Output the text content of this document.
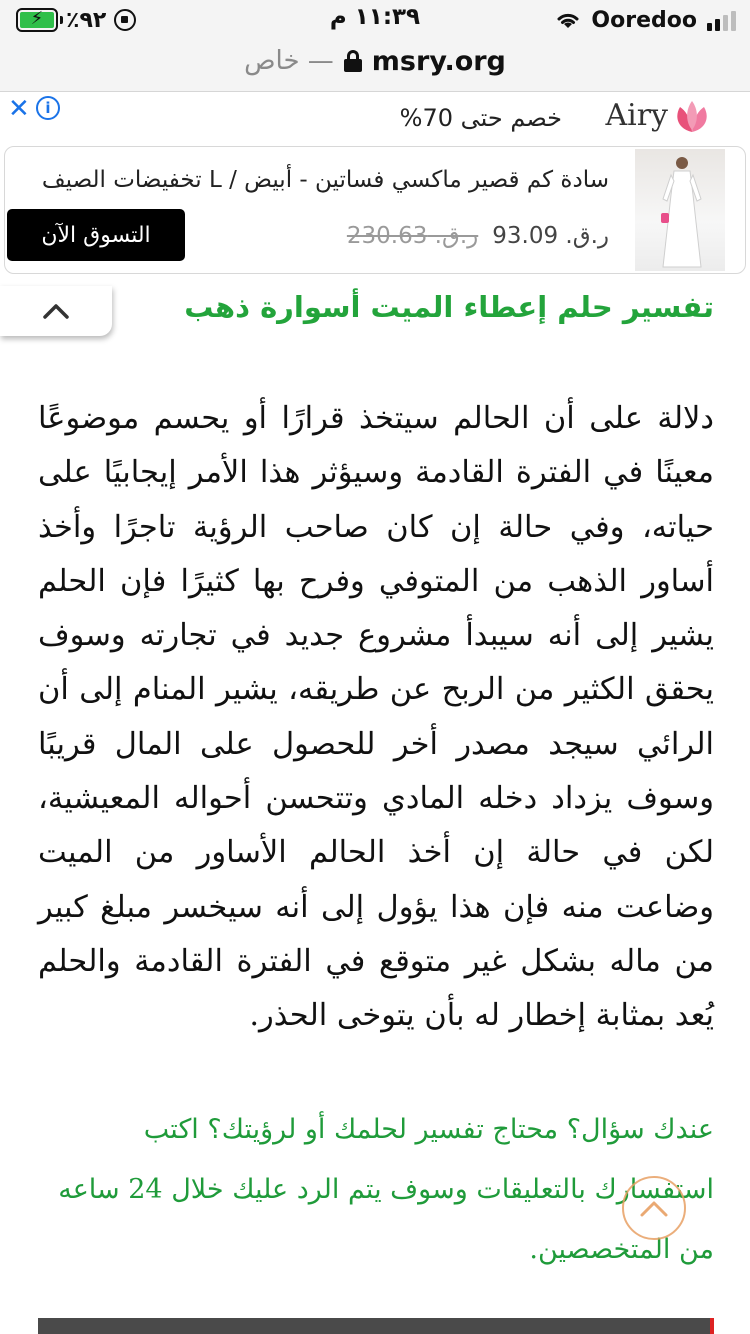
⚡	٪٩٢	١١:٣٩ م	Ooredoo
خاص — msry.org
✕	i	خصم حتى 70% Airy
سادة كم قصير ماكسي فساتين - أبيض / L تخفيضات الصيف
ر.ق. 93.09
ر.ق. 230.63
التسوق الآن
تفسير حلم إعطاء الميت أسوارة ذهب

دلالة على أن الحالم سيتخذ قرارًا أو يحسم موضوعًا معينًا في الفترة القادمة وسيؤثر هذا الأمر إيجابيًا على حياته، وفي حالة إن كان صاحب الرؤية تاجرًا وأخذ أساور الذهب من المتوفي وفرح بها كثيرًا فإن الحلم يشير إلى أنه سيبدأ مشروع جديد في تجارته وسوف يحقق الكثير من الربح عن طريقه، يشير المنام إلى أن الرائي سيجد مصدر أخر للحصول على المال قريبًا وسوف يزداد دخله المادي وتتحسن أحواله المعيشية، لكن في حالة إن أخذ الحالم الأساور من الميت وضاعت منه فإن هذا يؤول إلى أنه سيخسر مبلغ كبير من ماله بشكل غير متوقع في الفترة القادمة والحلم يُعد بمثابة إخطار له بأن يتوخى الحذر.

عندك سؤال؟ محتاج تفسير لحلمك أو لرؤيتك؟ اكتب استفسارك بالتعليقات وسوف يتم الرد عليك خلال 24 ساعه من المتخصصين.
